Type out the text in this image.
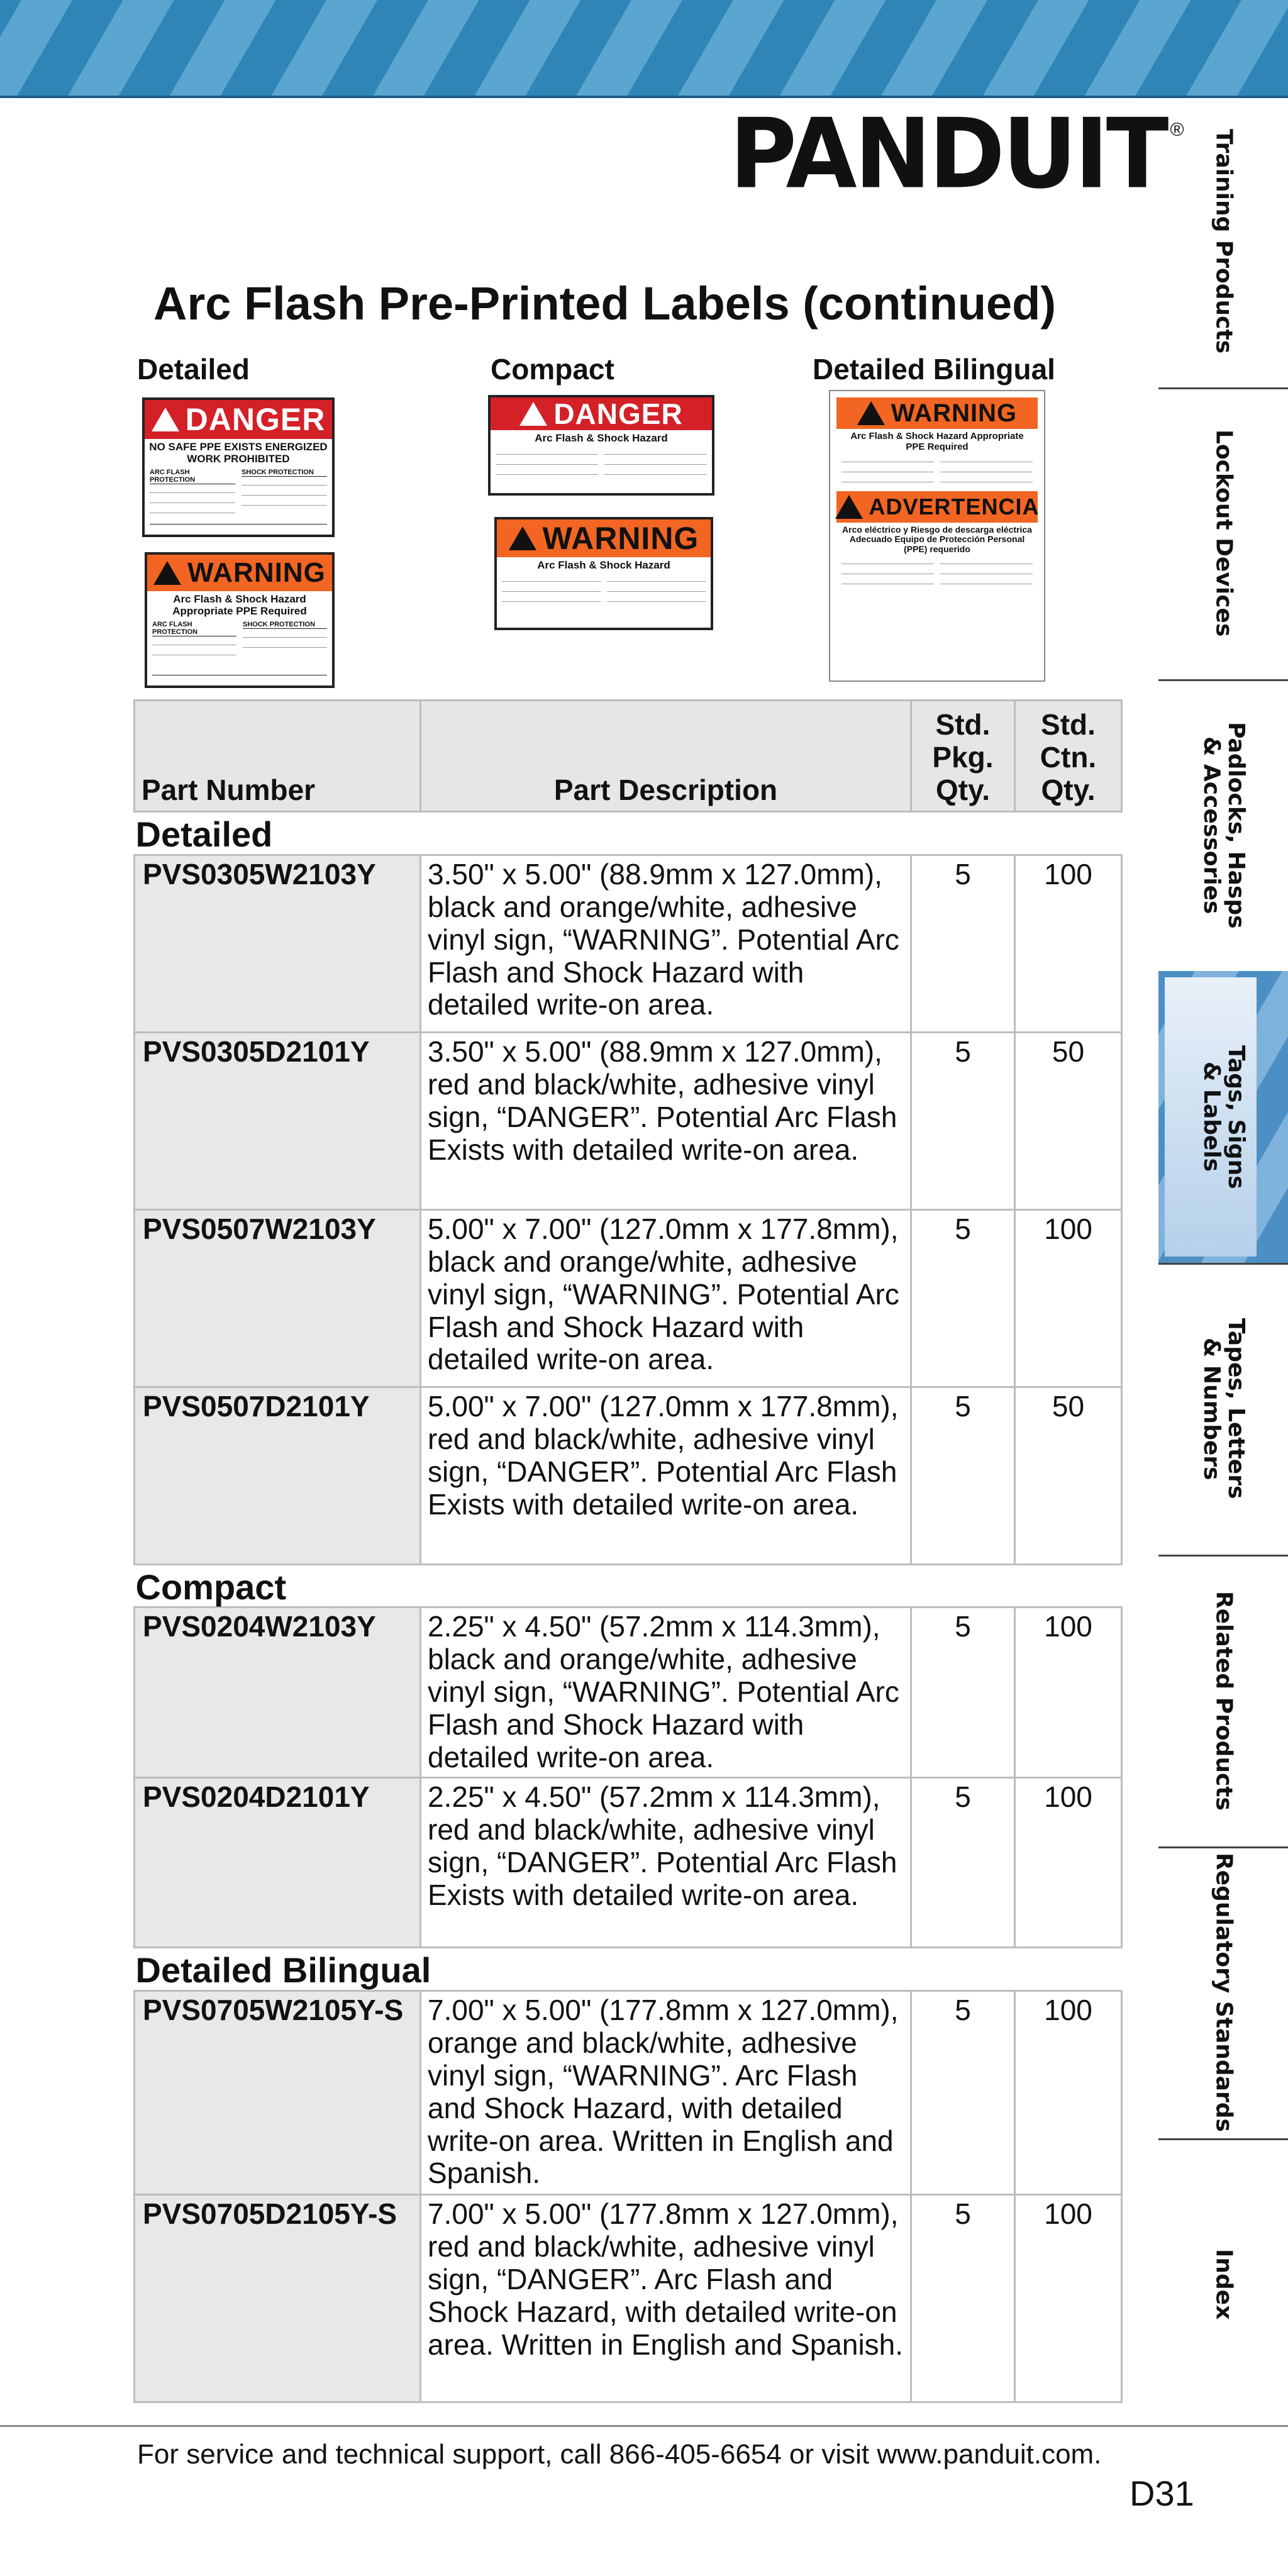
PANDUIT ®
Arc Flash Pre-Printed Labels (continued)
Detailed	Compact	Detailed Bilingual
DANGER
NO SAFE PPE EXISTS ENERGIZED WORK PROHIBITED
ARC FLASH PROTECTION
SHOCK PROTECTION
WARNING
Arc Flash & Shock Hazard Appropriate PPE Required
ARC FLASH PROTECTION
SHOCK PROTECTION
DANGER
Arc Flash & Shock Hazard
WARNING
Arc Flash & Shock Hazard
WARNING
Arc Flash & Shock Hazard Appropriate PPE Required
ADVERTENCIA
Arco eléctrico y Riesgo de descarga eléctrica Adecuado Equipo de Protección Personal (PPE) requerido
Part Number	Part Description	Std. Pkg. Qty.	Std. Ctn. Qty.
Detailed			
PVS0305W2103Y	3.50" x 5.00" (88.9mm x 127.0mm), black and orange/white, adhesive vinyl sign, “WARNING”. Potential Arc Flash and Shock Hazard with detailed write-on area.	5	100
PVS0305D2101Y	3.50" x 5.00" (88.9mm x 127.0mm), red and black/white, adhesive vinyl sign, “DANGER”. Potential Arc Flash Exists with detailed write-on area.	5	50
PVS0507W2103Y	5.00" x 7.00" (127.0mm x 177.8mm), black and orange/white, adhesive vinyl sign, “WARNING”. Potential Arc Flash and Shock Hazard with detailed write-on area.	5	100
PVS0507D2101Y	5.00" x 7.00" (127.0mm x 177.8mm), red and black/white, adhesive vinyl sign, “DANGER”. Potential Arc Flash Exists with detailed write-on area.	5	50
Compact			
PVS0204W2103Y	2.25" x 4.50" (57.2mm x 114.3mm), black and orange/white, adhesive vinyl sign, “WARNING”. Potential Arc Flash and Shock Hazard with detailed write-on area.	5	100
PVS0204D2101Y	2.25" x 4.50" (57.2mm x 114.3mm), red and black/white, adhesive vinyl sign, “DANGER”. Potential Arc Flash Exists with detailed write-on area.	5	100
Detailed Bilingual			
PVS0705W2105Y-S	7.00" x 5.00" (177.8mm x 127.0mm), orange and black/white, adhesive vinyl sign, “WARNING”. Arc Flash and Shock Hazard, with detailed write-on area. Written in English and Spanish.	5	100
PVS0705D2105Y-S	7.00" x 5.00" (177.8mm x 127.0mm), red and black/white, adhesive vinyl sign, “DANGER”. Arc Flash and Shock Hazard, with detailed write-on area. Written in English and Spanish.	5	100
Training Products
Lockout Devices
Padlocks, Hasps
& Accessories
Tags, Signs
& Labels
Tapes, Letters
& Numbers
Related Products
Regulatory Standards
Index
For service and technical support, call 866-405-6654 or visit www.panduit.com.
D31
